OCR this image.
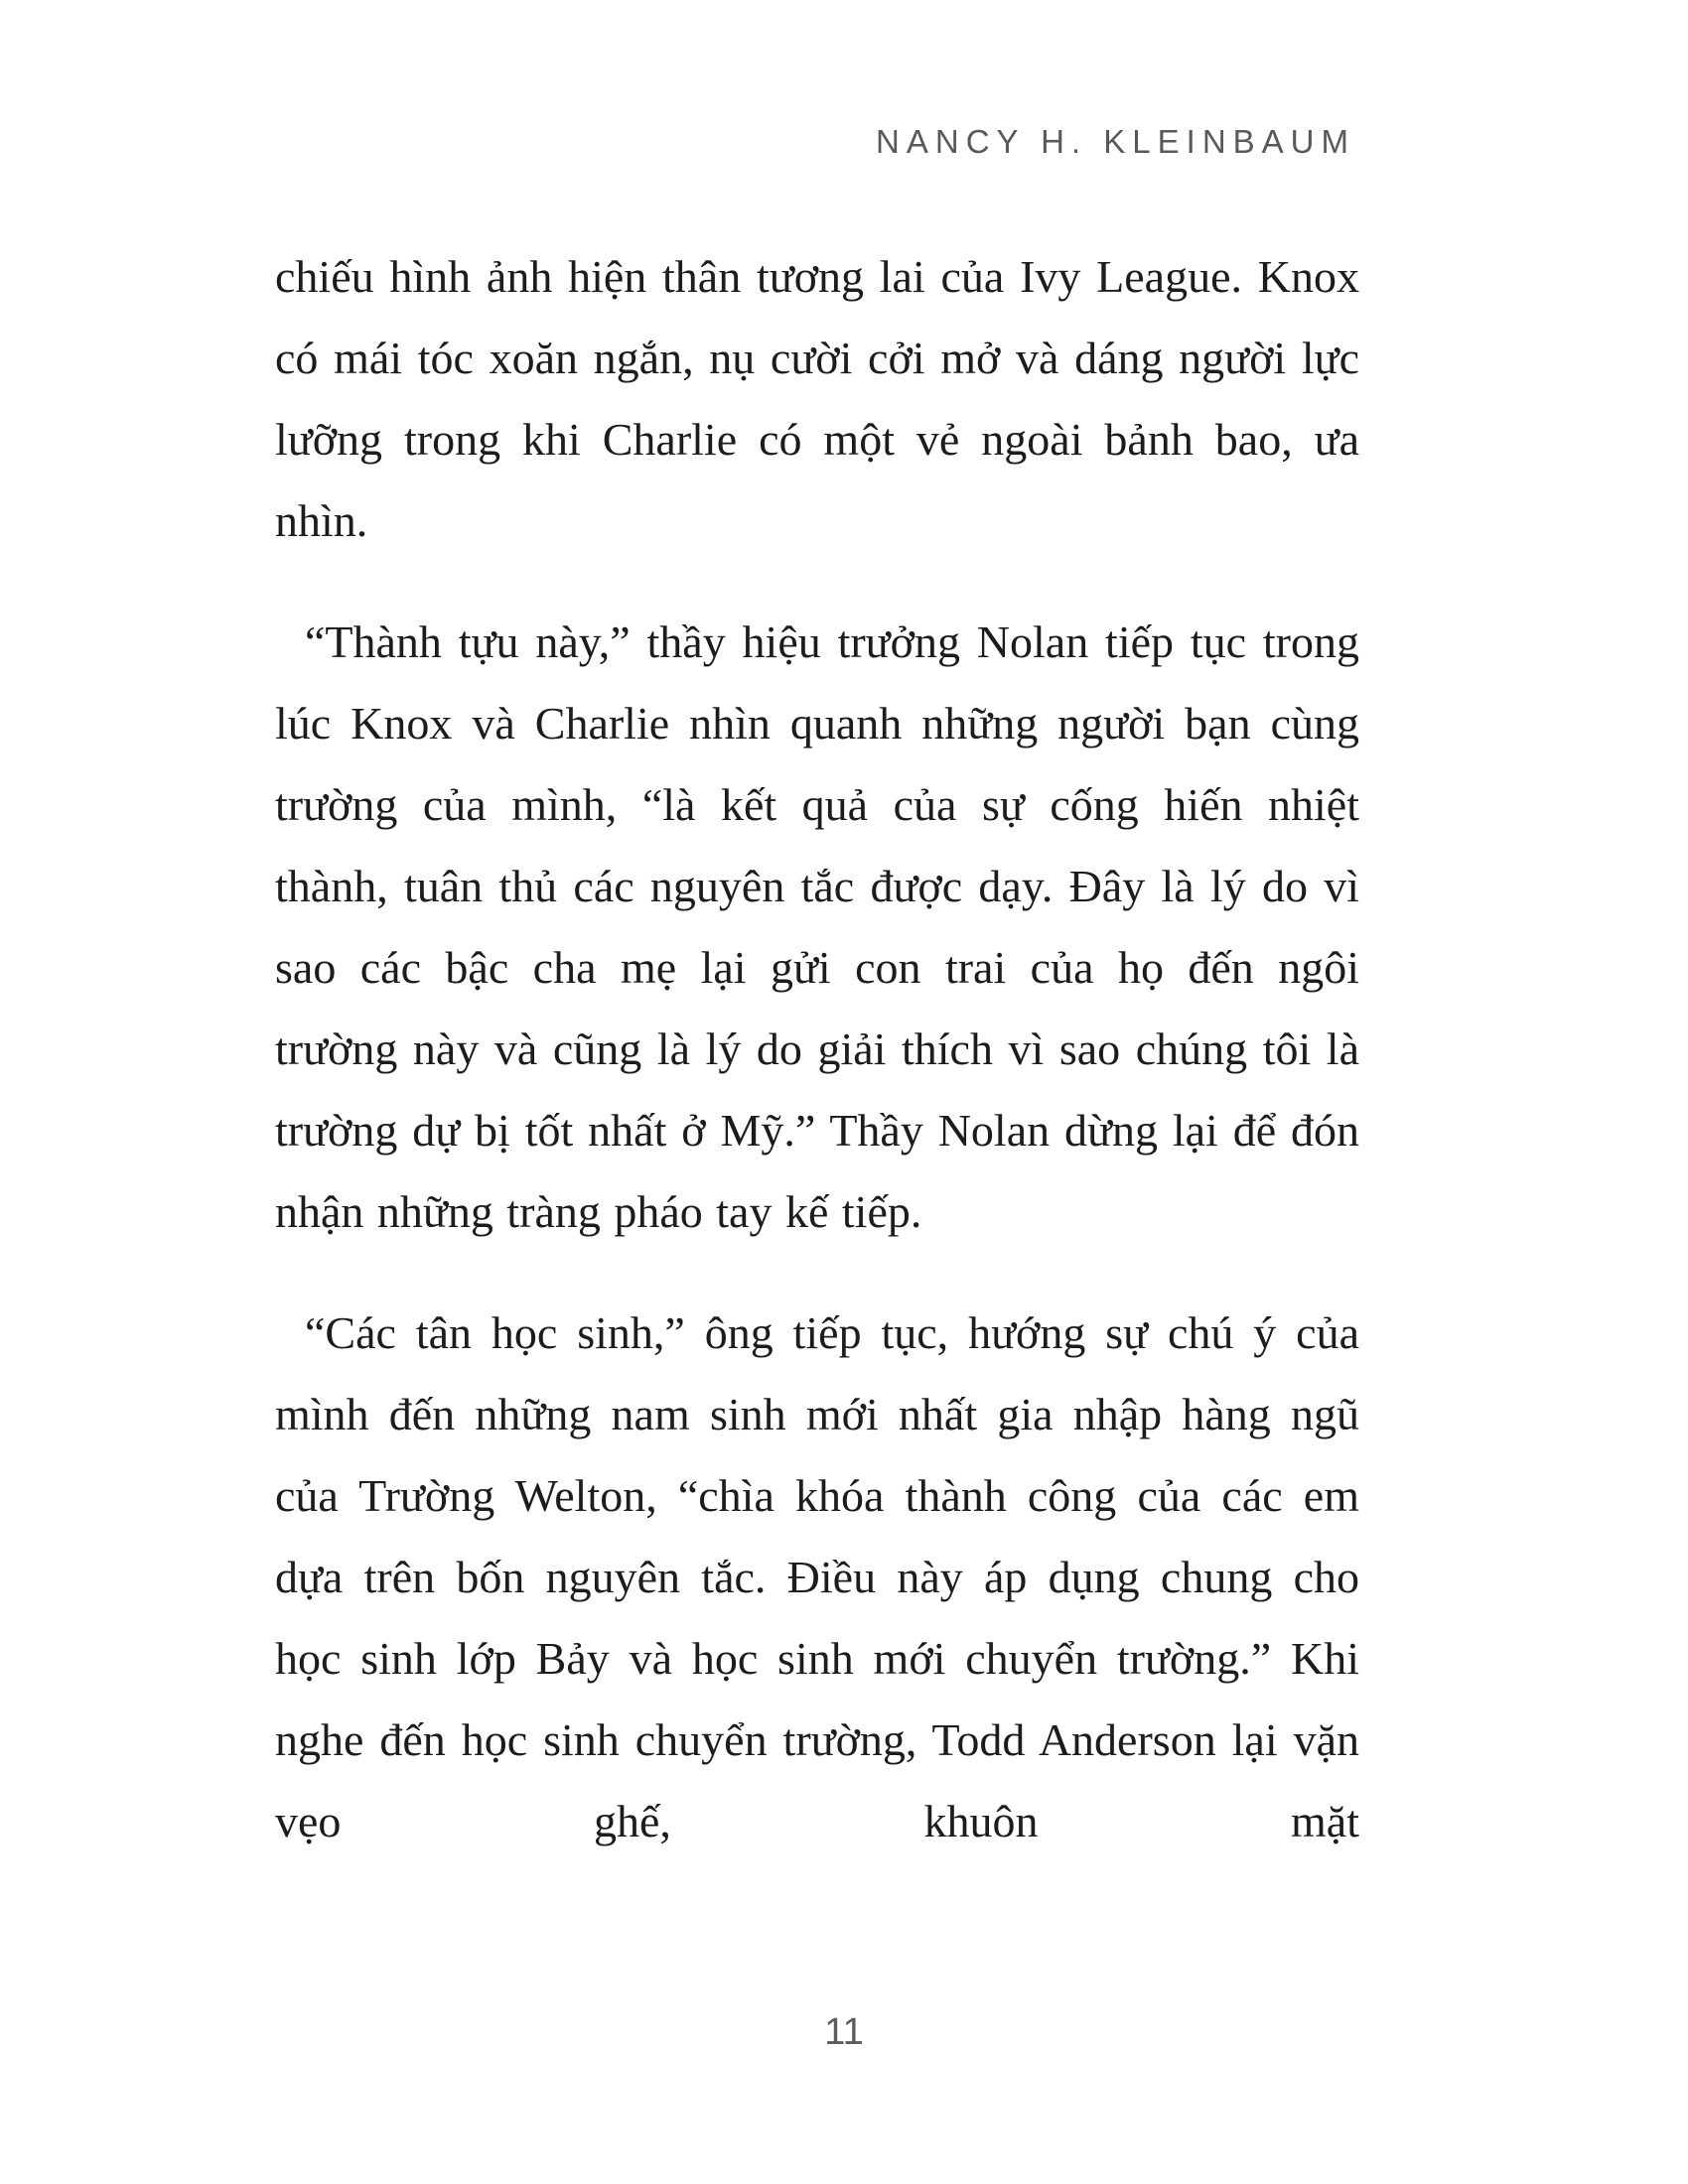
NANCY H. KLEINBAUM

chiếu hình ảnh hiện thân tương lai của Ivy League. Knox có mái tóc xoăn ngắn, nụ cười cởi mở và dáng người lực lưỡng trong khi Charlie có một vẻ ngoài bảnh bao, ưa nhìn.

“Thành tựu này,” thầy hiệu trưởng Nolan tiếp tục trong lúc Knox và Charlie nhìn quanh những người bạn cùng trường của mình, “là kết quả của sự cống hiến nhiệt thành, tuân thủ các nguyên tắc được dạy. Đây là lý do vì sao các bậc cha mẹ lại gửi con trai của họ đến ngôi trường này và cũng là lý do giải thích vì sao chúng tôi là trường dự bị tốt nhất ở Mỹ.” Thầy Nolan dừng lại để đón nhận những tràng pháo tay kế tiếp.

“Các tân học sinh,” ông tiếp tục, hướng sự chú ý của mình đến những nam sinh mới nhất gia nhập hàng ngũ của Trường Welton, “chìa khóa thành công của các em dựa trên bốn nguyên tắc. Điều này áp dụng chung cho học sinh lớp Bảy và học sinh mới chuyển trường.” Khi nghe đến học sinh chuyển trường, Todd Anderson lại vặn vẹo ghế, khuôn mặt

11
